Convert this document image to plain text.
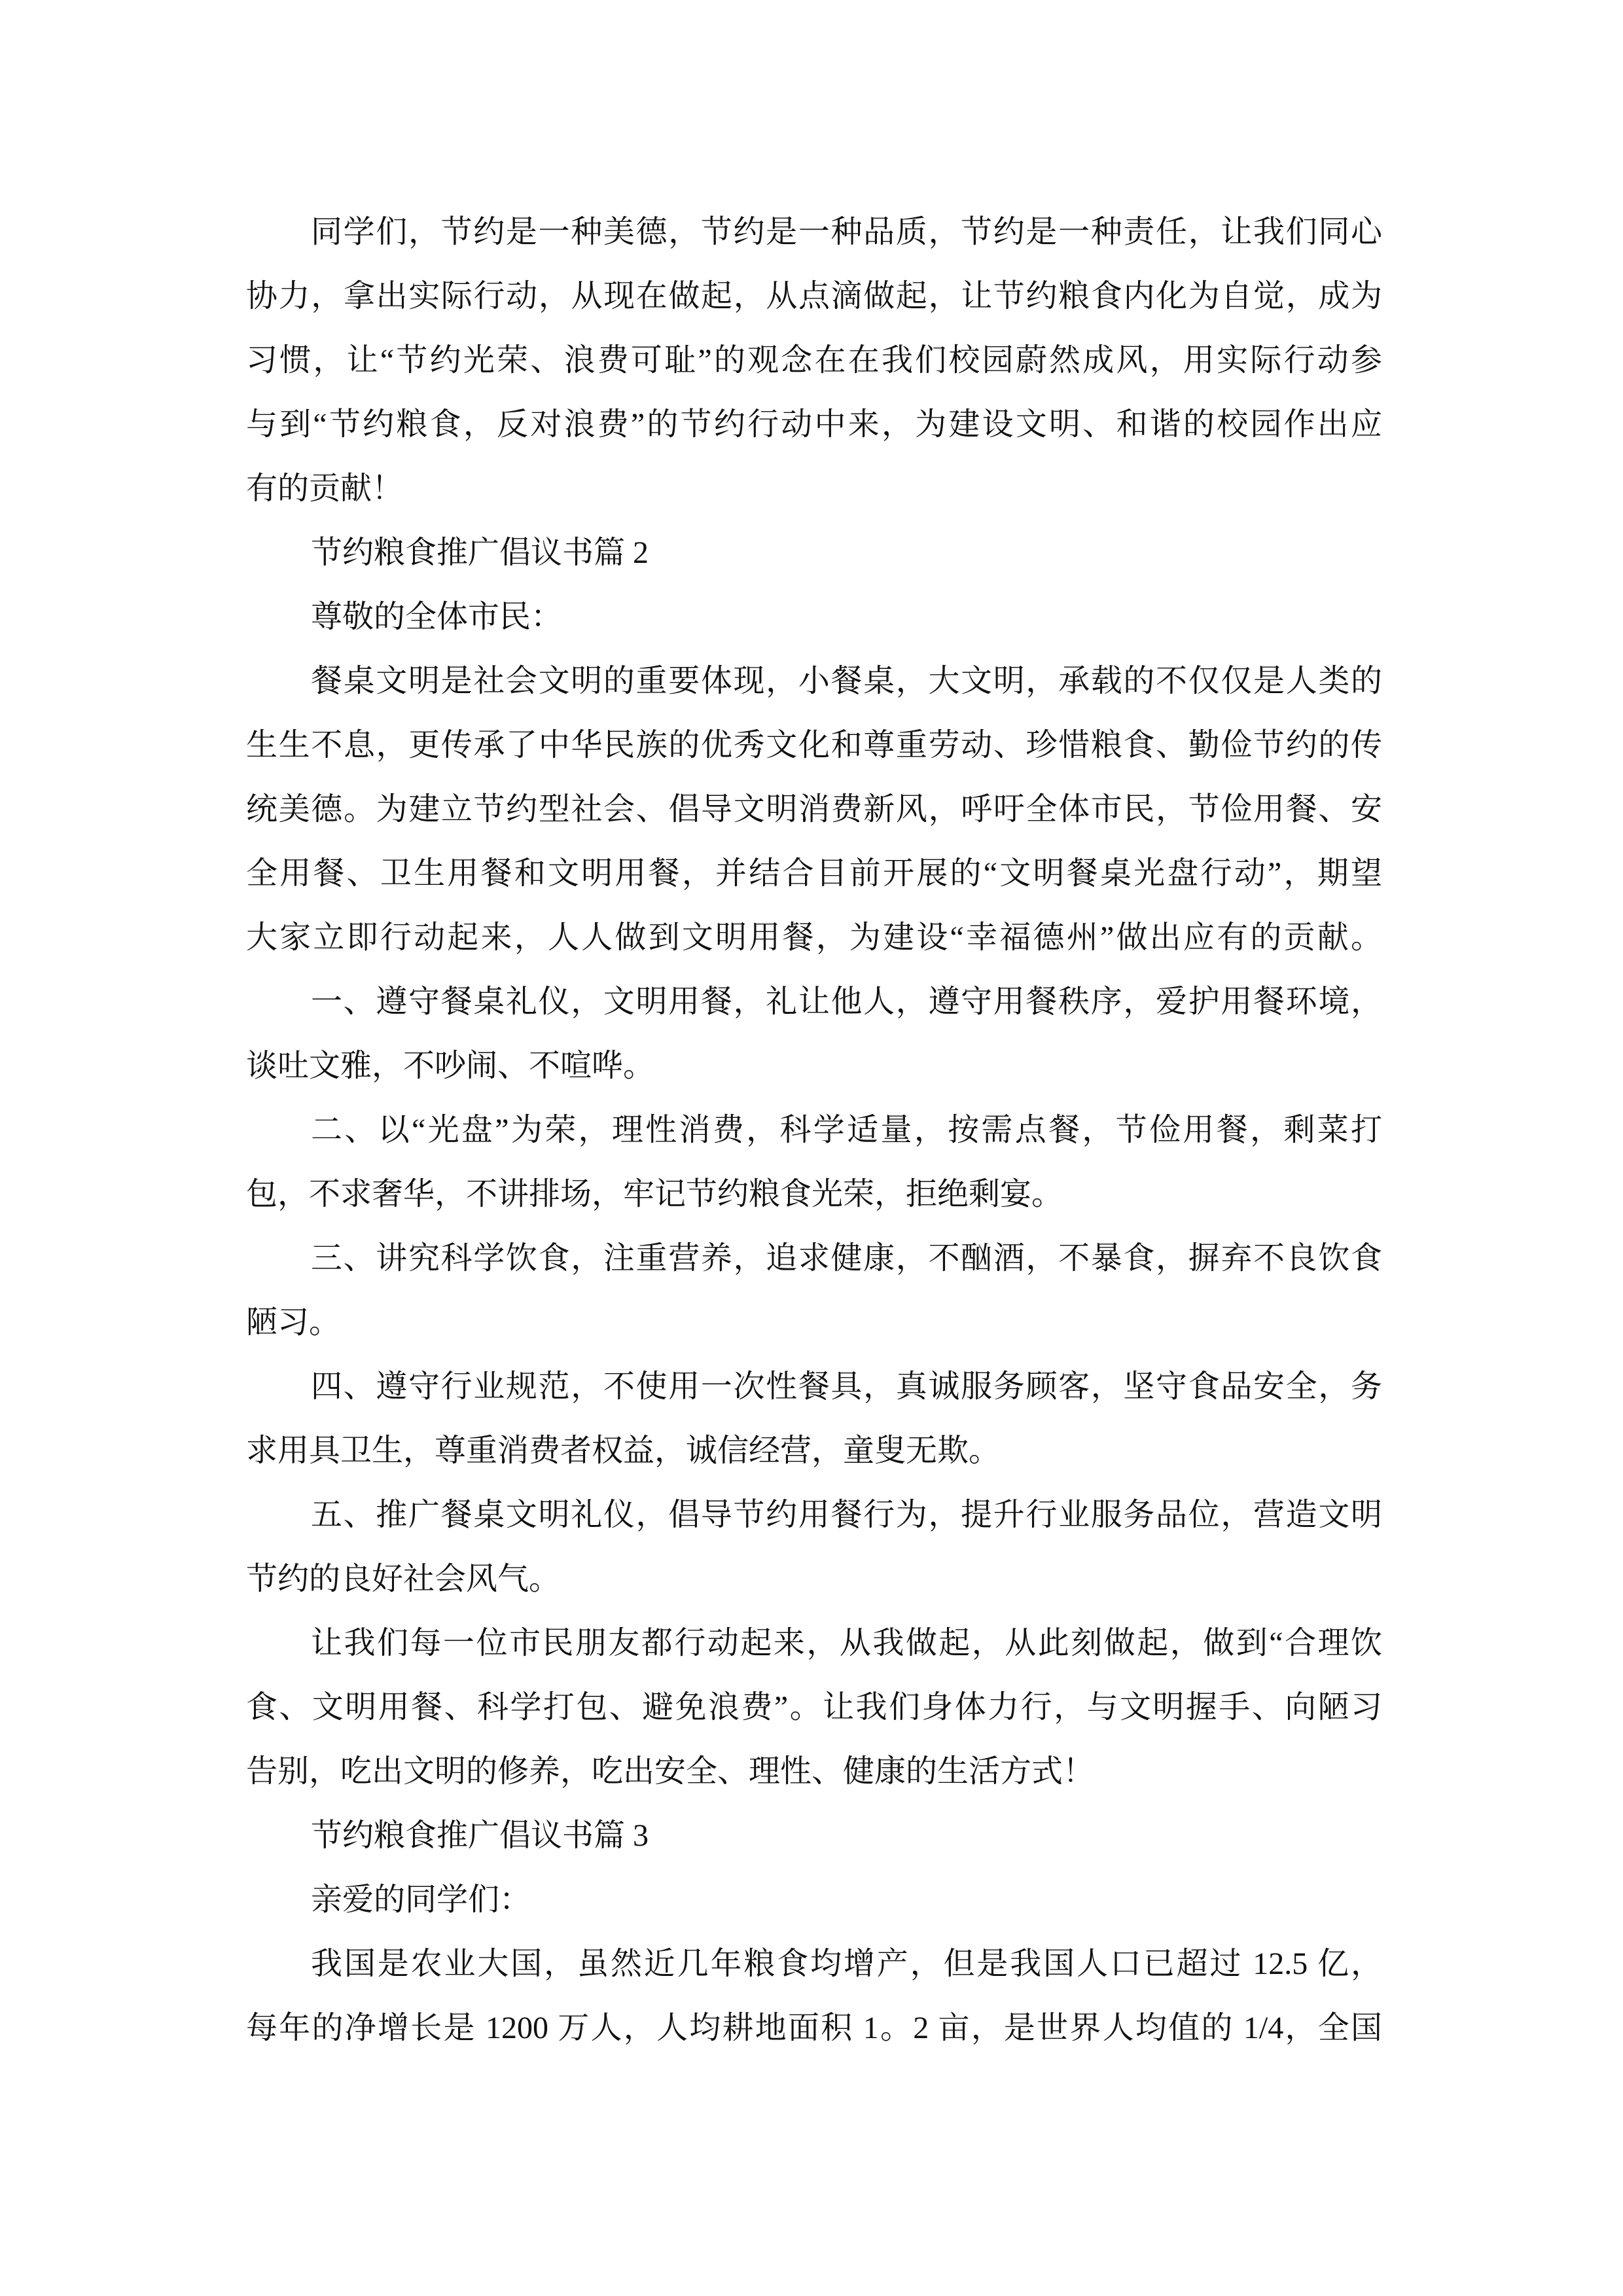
同学们，节约是一种美德，节约是一种品质，节约是一种责任，让我们同心
协力，拿出实际行动，从现在做起，从点滴做起，让节约粮食内化为自觉，成为
习惯，让“节约光荣、浪费可耻”的观念在在我们校园蔚然成风，用实际行动参
与到“节约粮食，反对浪费”的节约行动中来，为建设文明、和谐的校园作出应
有的贡献！
节约粮食推广倡议书篇 2
尊敬的全体市民：
餐桌文明是社会文明的重要体现，小餐桌，大文明，承载的不仅仅是人类的
生生不息，更传承了中华民族的优秀文化和尊重劳动、珍惜粮食、勤俭节约的传
统美德。为建立节约型社会、倡导文明消费新风，呼吁全体市民，节俭用餐、安
全用餐、卫生用餐和文明用餐，并结合目前开展的“文明餐桌光盘行动”，期望
大家立即行动起来，人人做到文明用餐，为建设“幸福德州”做出应有的贡献。
一、遵守餐桌礼仪，文明用餐，礼让他人，遵守用餐秩序，爱护用餐环境，
谈吐文雅，不吵闹、不喧哗。
二、以“光盘”为荣，理性消费，科学适量，按需点餐，节俭用餐，剩菜打
包，不求奢华，不讲排场，牢记节约粮食光荣，拒绝剩宴。
三、讲究科学饮食，注重营养，追求健康，不酗酒，不暴食，摒弃不良饮食
陋习。
四、遵守行业规范，不使用一次性餐具，真诚服务顾客，坚守食品安全，务
求用具卫生，尊重消费者权益，诚信经营，童叟无欺。
五、推广餐桌文明礼仪，倡导节约用餐行为，提升行业服务品位，营造文明
节约的良好社会风气。
让我们每一位市民朋友都行动起来，从我做起，从此刻做起，做到“合理饮
食、文明用餐、科学打包、避免浪费”。让我们身体力行，与文明握手、向陋习
告别，吃出文明的修养，吃出安全、理性、健康的生活方式！
节约粮食推广倡议书篇 3
亲爱的同学们：
我国是农业大国，虽然近几年粮食均增产，但是我国人口已超过 12.5 亿，
每年的净增长是 1200 万人，人均耕地面积 1。2 亩，是世界人均值的 1/4，全国
